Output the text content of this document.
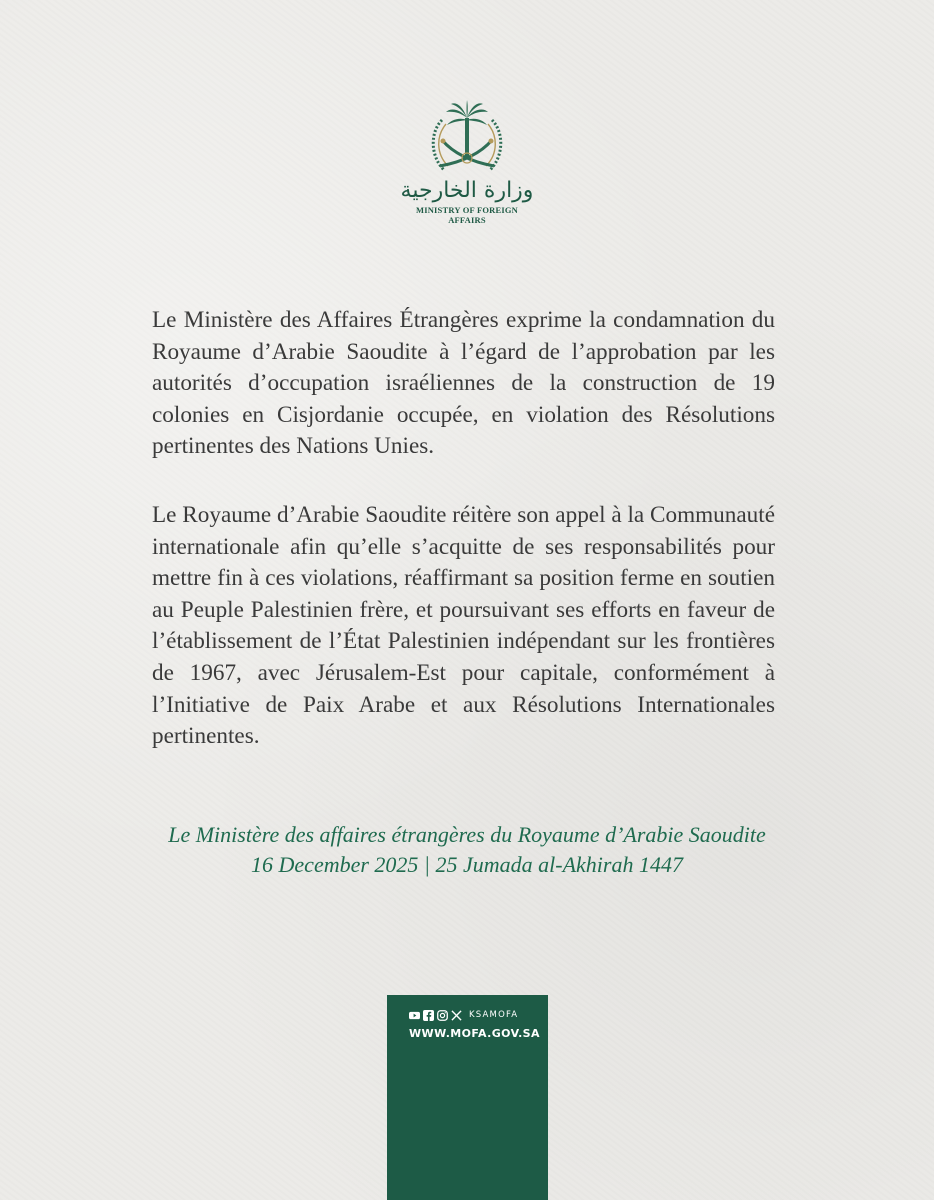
وزارة الخارجية
MINISTRY OF FOREIGN AFFAIRS

Le Ministère des Affaires Étrangères exprime la condamnation du Royaume d’Arabie Saoudite à l’égard de l’approbation par les autorités d’occupation israéliennes de la construction de 19 colonies en Cisjordanie occupée, en violation des Résolutions pertinentes des Nations Unies.

Le Royaume d’Arabie Saoudite réitère son appel à la Communauté internationale afin qu’elle s’acquitte de ses responsabilités pour mettre fin à ces violations, réaffirmant sa position ferme en soutien au Peuple Palestinien frère, et poursuivant ses efforts en faveur de l’établissement de l’État Palestinien indépendant sur les frontières de 1967, avec Jérusalem-Est pour capitale, conformément à l’Initiative de Paix Arabe et aux Résolutions Internationales pertinentes.

Le Ministère des affaires étrangères du Royaume d’Arabie Saoudite
16 December 2025 | 25 Jumada al-Akhirah 1447
KSAMOFA
WWW.MOFA.GOV.SA
